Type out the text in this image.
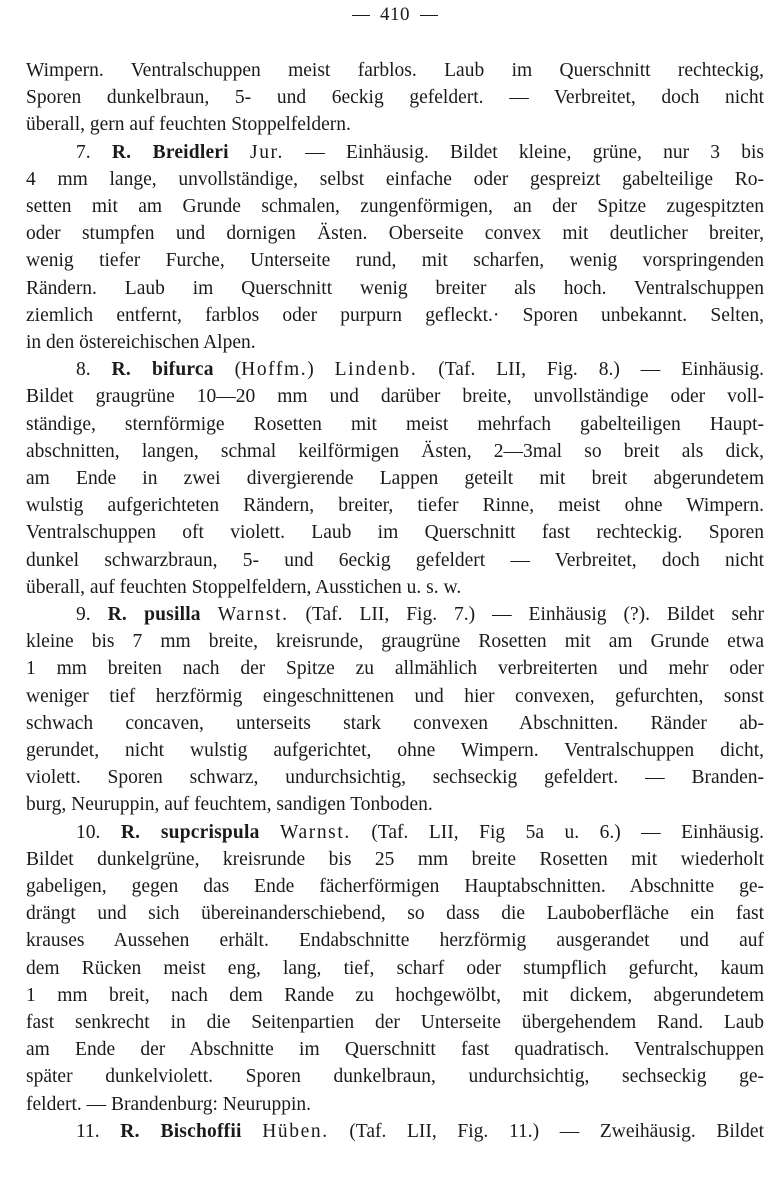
410
Wimpern. Ventralschuppen meist farblos. Laub im Querschnitt rechteckig,
Sporen dunkelbraun, 5- und 6eckig gefeldert. — Verbreitet, doch nicht
überall, gern auf feuchten Stoppelfeldern.
7. R. Breidleri Jur. — Einhäusig. Bildet kleine, grüne, nur 3 bis
4 mm lange, unvollständige, selbst einfache oder gespreizt gabelteilige Ro-
setten mit am Grunde schmalen, zungenförmigen, an der Spitze zugespitzten
oder stumpfen und dornigen Ästen. Oberseite convex mit deutlicher breiter,
wenig tiefer Furche, Unterseite rund, mit scharfen, wenig vorspringenden
Rändern. Laub im Querschnitt wenig breiter als hoch. Ventralschuppen
ziemlich entfernt, farblos oder purpurn gefleckt.· Sporen unbekannt. Selten,
in den östereichischen Alpen.
8. R. bifurca (Hoffm.) Lindenb. (Taf. LII, Fig. 8.) — Einhäusig.
Bildet graugrüne 10—20 mm und darüber breite, unvollständige oder voll-
ständige, sternförmige Rosetten mit meist mehrfach gabelteiligen Haupt-
abschnitten, langen, schmal keilförmigen Ästen, 2—3mal so breit als dick,
am Ende in zwei divergierende Lappen geteilt mit breit abgerundetem
wulstig aufgerichteten Rändern, breiter, tiefer Rinne, meist ohne Wimpern.
Ventralschuppen oft violett. Laub im Querschnitt fast rechteckig. Sporen
dunkel schwarzbraun, 5- und 6eckig gefeldert — Verbreitet, doch nicht
überall, auf feuchten Stoppelfeldern, Ausstichen u. s. w.
9. R. pusilla Warnst. (Taf. LII, Fig. 7.) — Einhäusig (?). Bildet sehr
kleine bis 7 mm breite, kreisrunde, graugrüne Rosetten mit am Grunde etwa
1 mm breiten nach der Spitze zu allmählich verbreiterten und mehr oder
weniger tief herzförmig eingeschnittenen und hier convexen, gefurchten, sonst
schwach concaven, unterseits stark convexen Abschnitten. Ränder ab-
gerundet, nicht wulstig aufgerichtet, ohne Wimpern. Ventralschuppen dicht,
violett. Sporen schwarz, undurchsichtig, sechseckig gefeldert. — Branden-
burg, Neuruppin, auf feuchtem, sandigen Tonboden.
10. R. supcrispula Warnst. (Taf. LII, Fig 5a u. 6.) — Einhäusig.
Bildet dunkelgrüne, kreisrunde bis 25 mm breite Rosetten mit wiederholt
gabeligen, gegen das Ende fächerförmigen Hauptabschnitten. Abschnitte ge-
drängt und sich übereinanderschiebend, so dass die Lauboberfläche ein fast
krauses Aussehen erhält. Endabschnitte herzförmig ausgerandet und auf
dem Rücken meist eng, lang, tief, scharf oder stumpflich gefurcht, kaum
1 mm breit, nach dem Rande zu hochgewölbt, mit dickem, abgerundetem
fast senkrecht in die Seitenpartien der Unterseite übergehendem Rand. Laub
am Ende der Abschnitte im Querschnitt fast quadratisch. Ventralschuppen
später dunkelviolett. Sporen dunkelbraun, undurchsichtig, sechseckig ge-
feldert. — Brandenburg: Neuruppin.
11. R. Bischoffii Hüben. (Taf. LII, Fig. 11.) — Zweihäusig. Bildet
